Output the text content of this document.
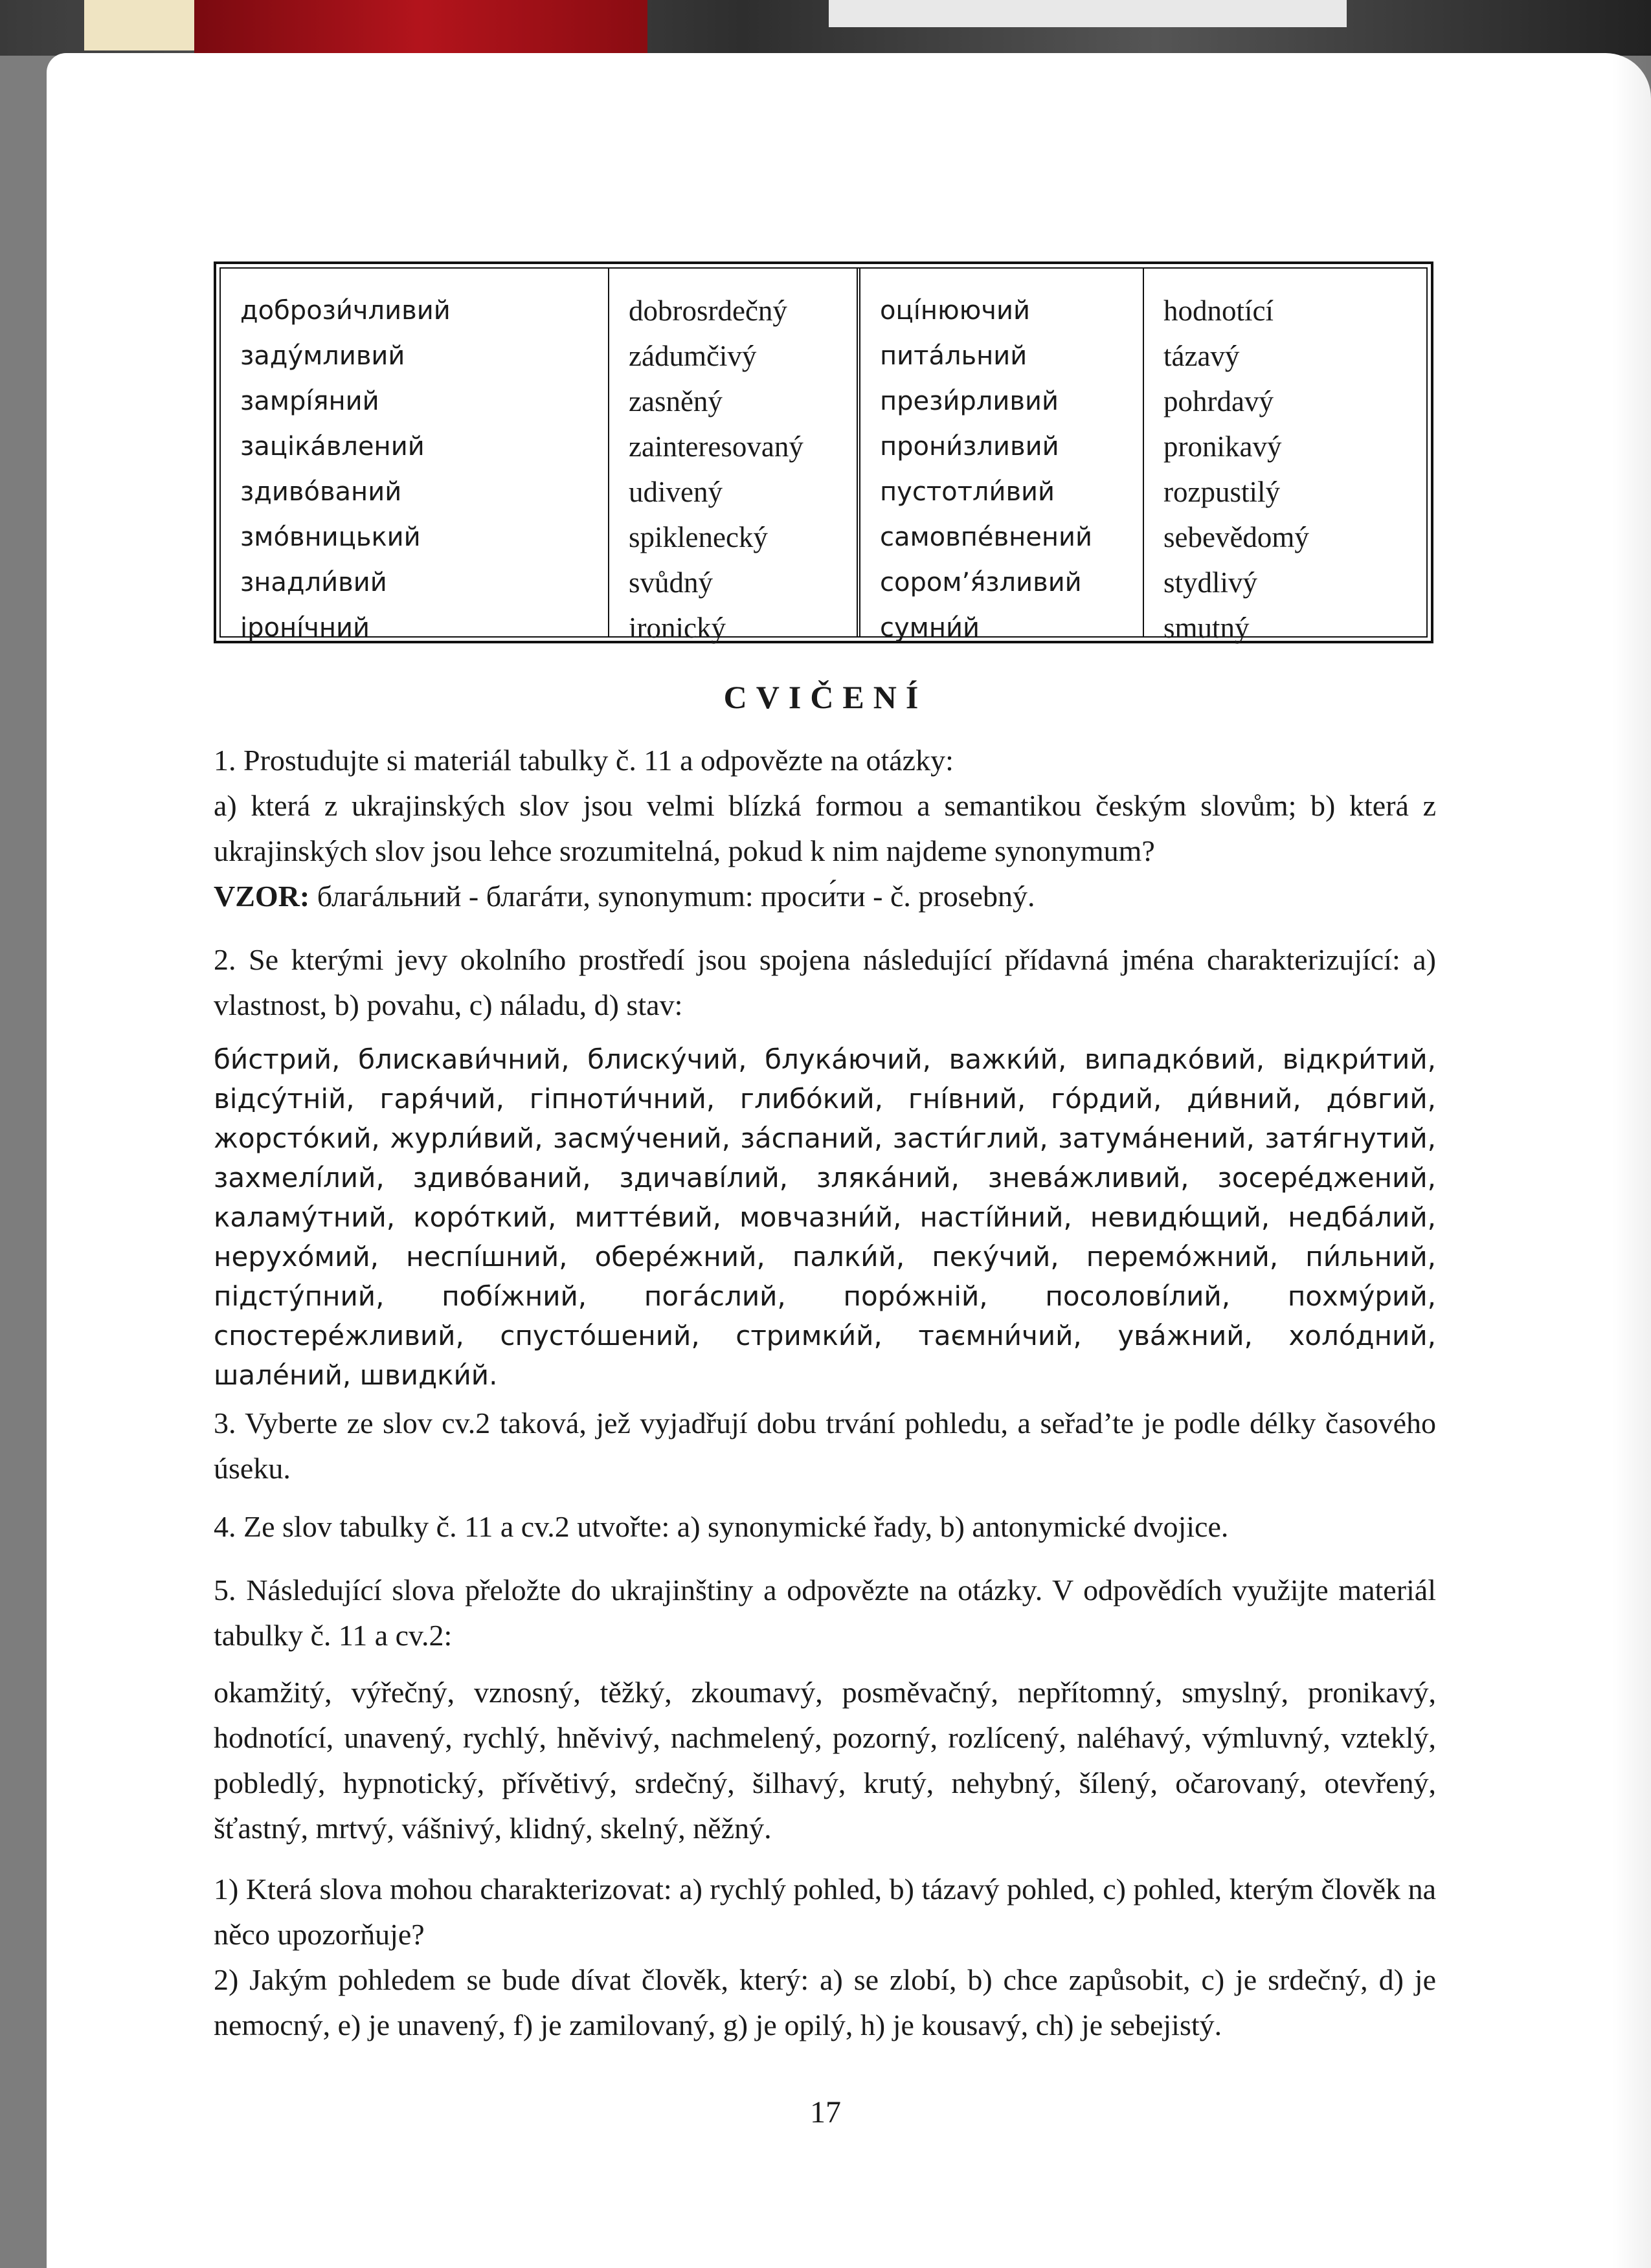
добрози́чливий
заду́мливий
замрі́яний
зацікáвлений
здивóваний
змóвницький
знадли́вий
іронíчний
dobrosrdečný
zádumčivý
zasněný
zainteresovaný
udivený
spiklenecký
svůdný
ironický
оцíнюючий
питáльний
прези́рливий
прони́зливий
пустотли́вий
самовпéвнений
сором’я́зливий
сумни́й
hodnotící
tázavý
pohrdavý
pronikavý
rozpustilý
sebevědomý
stydlivý
smutný
CVIČENÍ

1. Prostudujte si materiál tabulky č. 11 a odpovězte na otázky:

a) která z ukrajinských slov jsou velmi blízká formou a semantikou českým slovům; b) která z ukrajinských slov jsou lehce srozumitelná, pokud k nim najdeme synonymum?

VZOR: благáльний - благáти, synonymum: проси́ти - č. prosebný.

2. Se kterými jevy okolního prostředí jsou spojena následující přídavná jména charakterizující: a) vlastnost, b) povahu, c) náladu, d) stav:

би́стрий, блискави́чний, блиску́чий, блукáючий, важки́й, випадкóвий, відкри́тий, відсу́тній, гаря́чий, гіпноти́чний, глибóкий, гнíвний, гóрдий, ди́вний, дóвгий, жорстóкий, журли́вий, засму́чений, зáспаний, засти́глий, затумáнений, затя́гнутий, захмелíлий, здивóваний, здичавíлий, злякáний, зневáжливий, зосерéджений, каламу́тний, корóткий, митте́вий, мовчазни́й, настíйний, невидю́щий, недбáлий, нерухóмий, неспíшний, оберéжний, палки́й, пеку́чий, перемóжний, пи́льний, підсту́пний, побíжний, погáслий, порóжній, посоловíлий, похму́рий, спостерéжливий, спустóшений, стримки́й, таємни́чий, увáжний, холóдний, шалéний, швидки́й.

3. Vyberte ze slov cv.2 taková, jež vyjadřují dobu trvání pohledu, a seřad’te je podle délky časového úseku.

4. Ze slov tabulky č. 11 a cv.2 utvořte: a) synonymické řady, b) antonymické dvojice.

5. Následující slova přeložte do ukrajinštiny a odpovězte na otázky. V odpovědích využijte materiál tabulky č. 11 a cv.2:

okamžitý, výřečný, vznosný, těžký, zkoumavý, posměvačný, nepřítomný, smyslný, pronikavý, hodnotící, unavený, rychlý, hněvivý, nachmelený, pozorný, rozlícený, naléhavý, výmluvný, vzteklý, pobledlý, hypnotický, přívětivý, srdečný, šilhavý, krutý, nehybný, šílený, očarovaný, otevřený, šťastný, mrtvý, vášnivý, klidný, skelný, něžný.

1) Která slova mohou charakterizovat: a) rychlý pohled, b) tázavý pohled, c) pohled, kterým člověk na něco upozorňuje?

2) Jakým pohledem se bude dívat člověk, který: a) se zlobí, b) chce zapůsobit, c) je srdečný, d) je nemocný, e) je unavený, f) je zamilovaný, g) je opilý, h) je kousavý, ch) je sebejistý.

17
